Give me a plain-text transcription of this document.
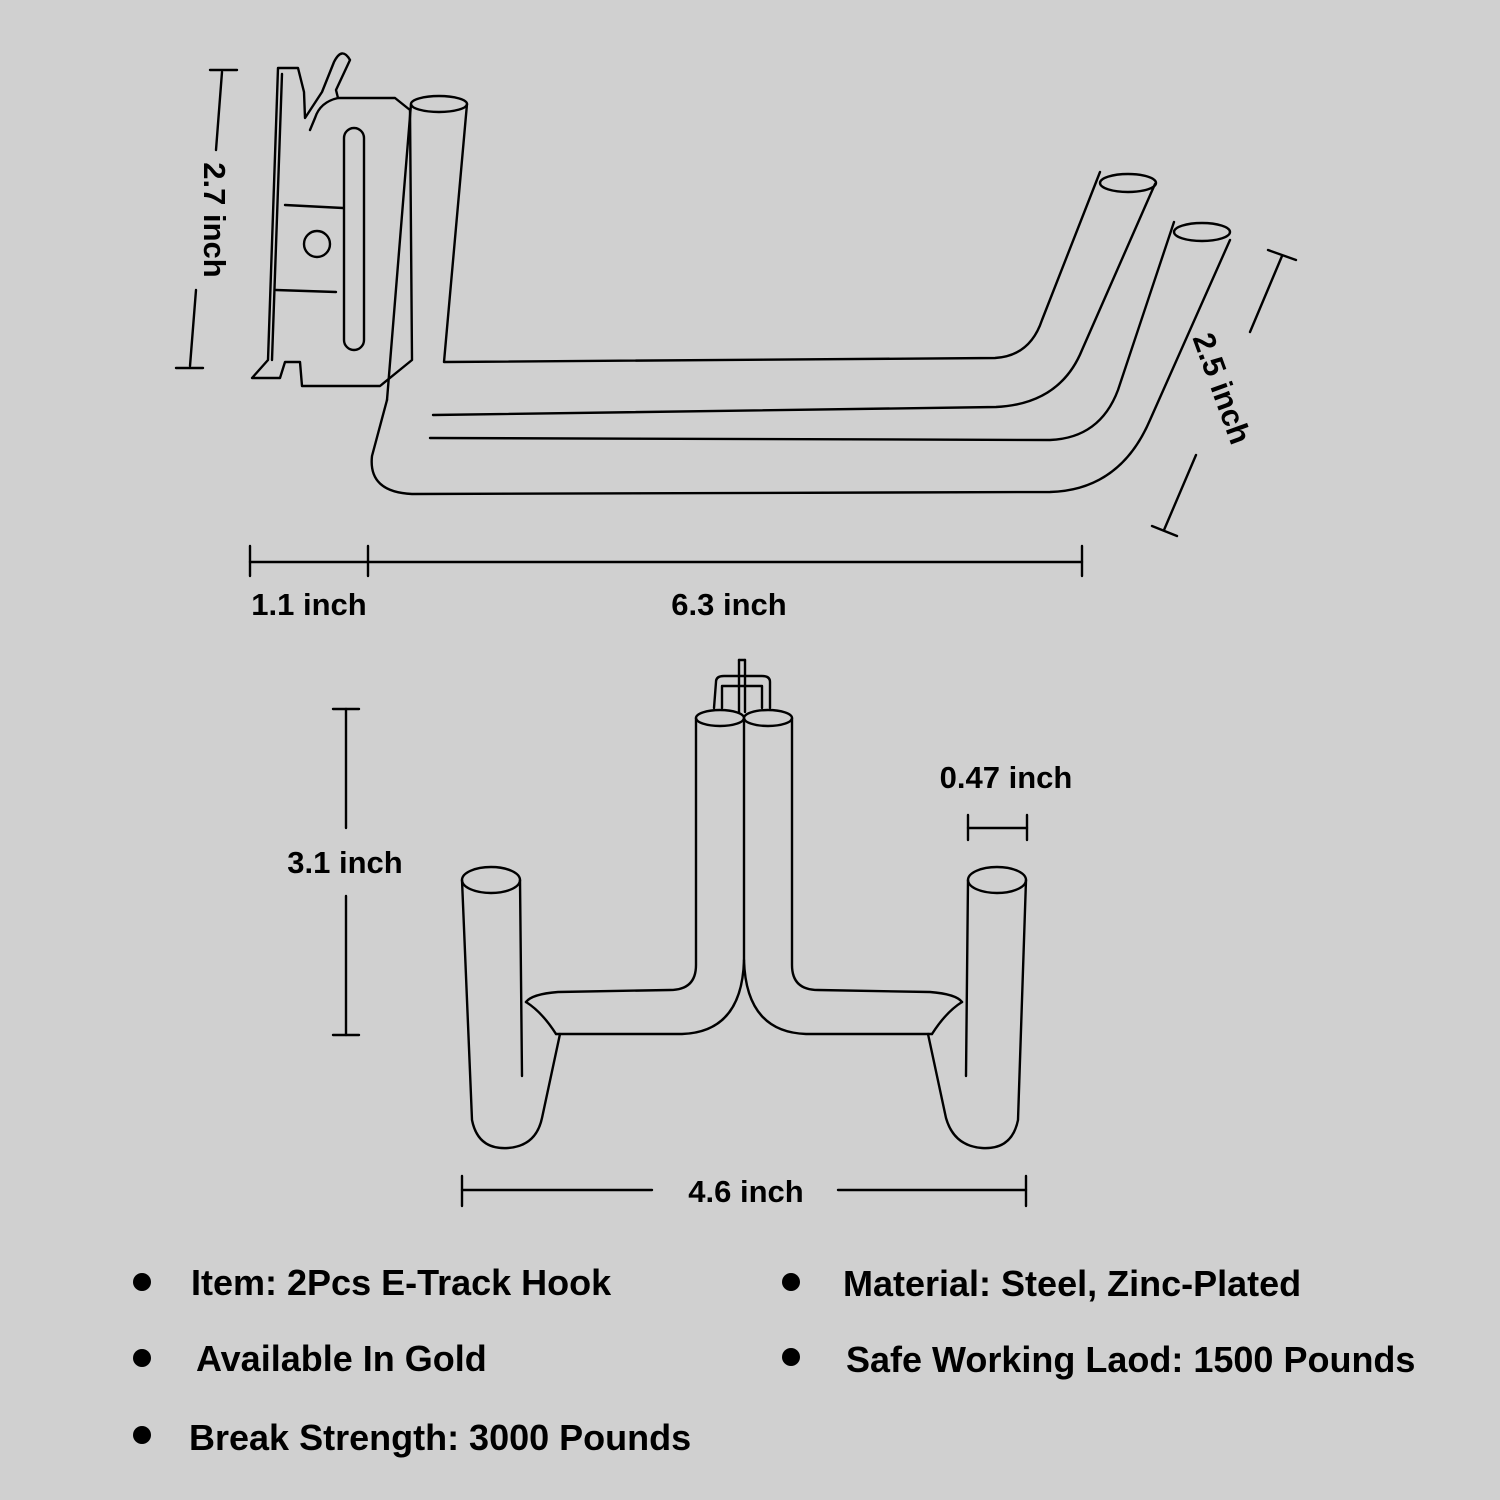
2.7 inch
2.5 inch
1.1 inch	6.3 inch
3.1 inch
0.47 inch
4.6 inch
Item: 2Pcs E-Track Hook	Material: Steel, Zinc-Plated
Available In Gold	Safe Working Laod: 1500 Pounds
Break Strength: 3000 Pounds
